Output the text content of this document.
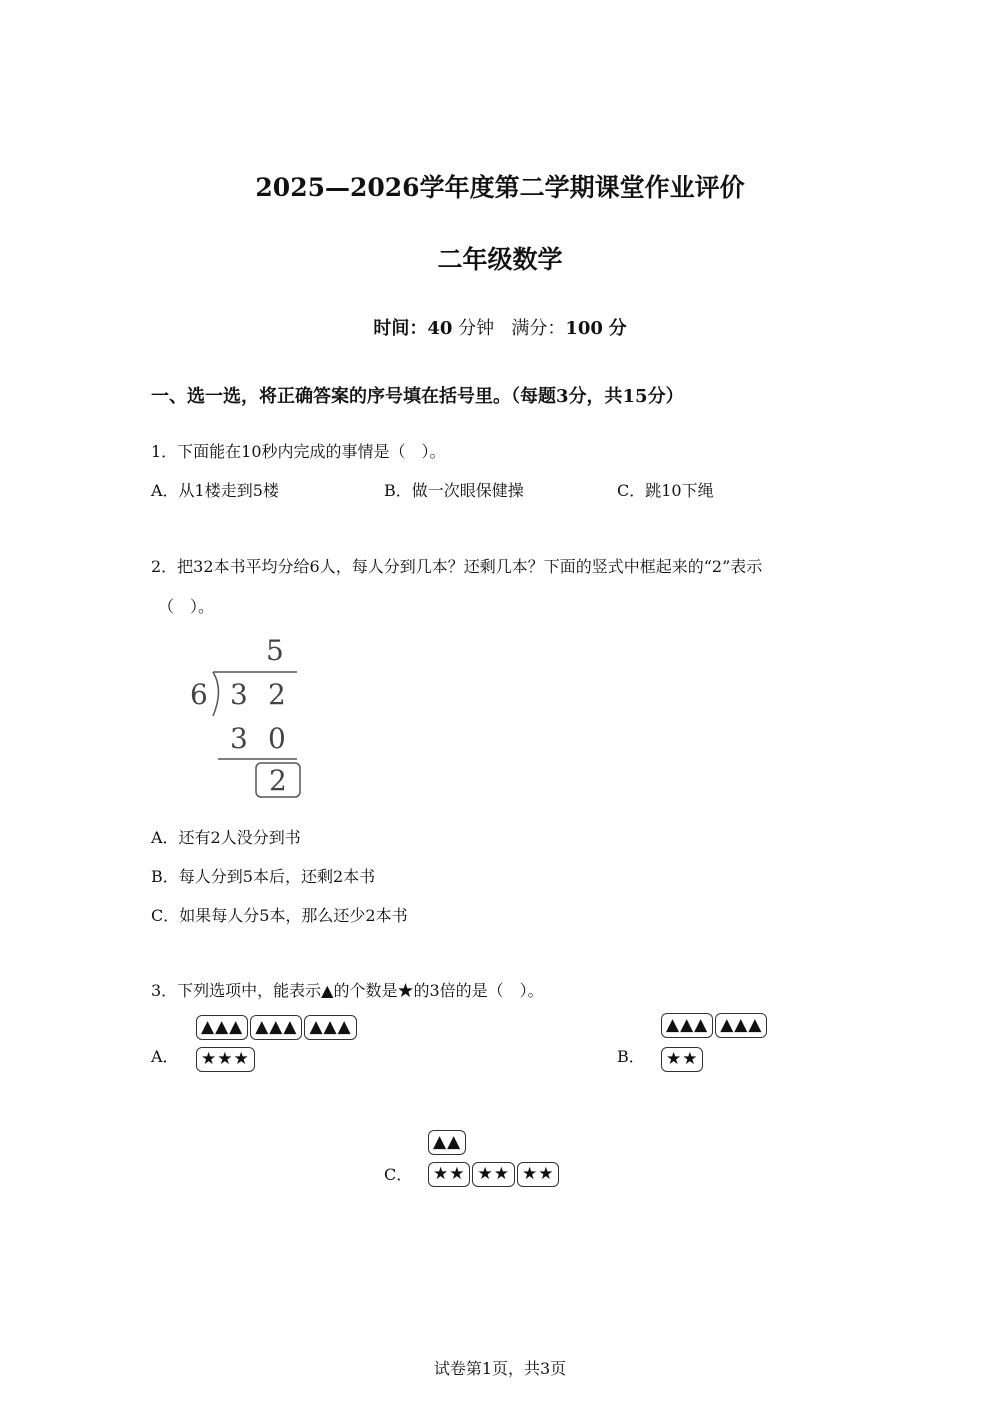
2025—2026学年度第二学期课堂作业评价
二年级数学
时间：40 分钟 满分：100 分
一、选一选，将正确答案的序号填在括号里。（每题3分，共15分）
1．下面能在10秒内完成的事情是（　）。
A．从1楼走到5楼	B．做一次眼保健操	C．跳10下绳
2．把32本书平均分给6人，每人分到几本？还剩几本？下面的竖式中框起来的“2”表示
（　）。
5
6 3 2
3 0
2
A．还有2人没分到书
B．每人分到5本后，还剩2本书
C．如果每人分5本，那么还少2本书
3．下列选项中，能表示▲的个数是★的3倍的是（　）。
A．
▲▲▲ ▲▲▲ ▲▲▲
★★★	B．
▲▲▲ ▲▲▲
★★
C．
▲▲
★★ ★★ ★★
试卷第1页，共3页
